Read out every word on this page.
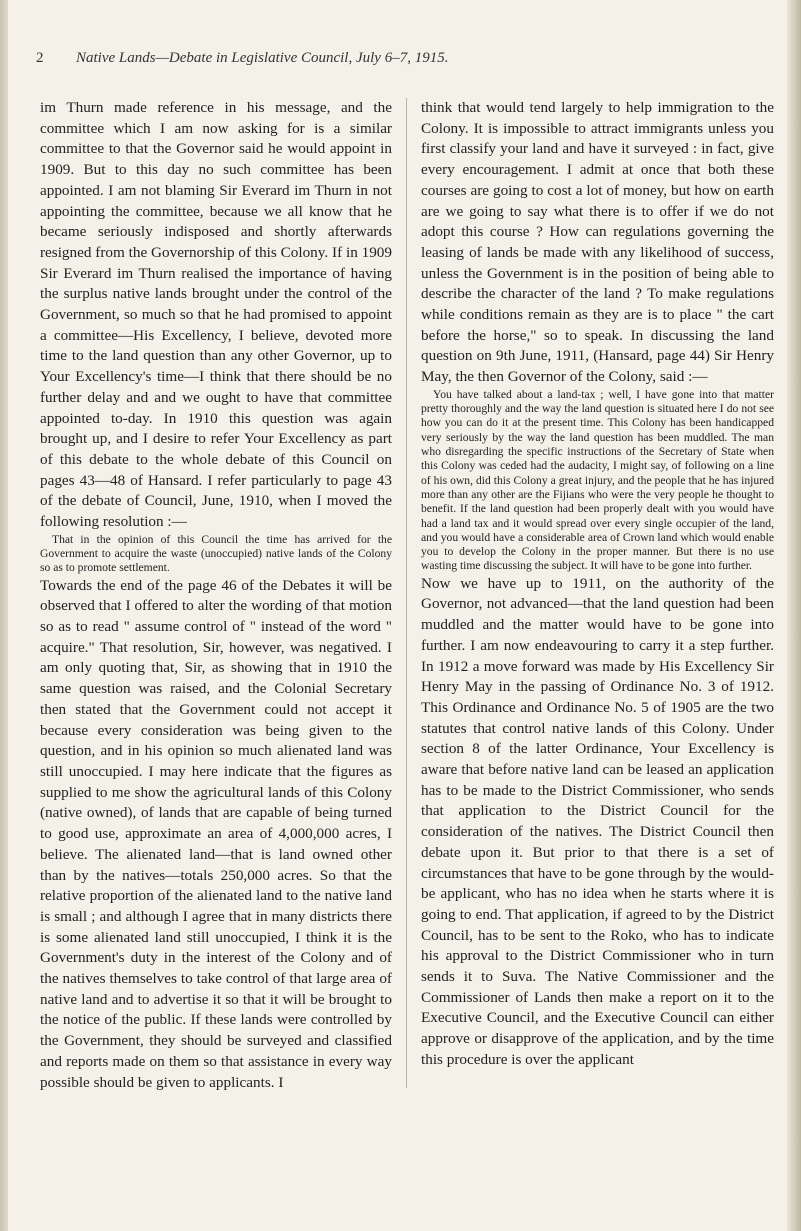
2 Native Lands—Debate in Legislative Council, July 6–7, 1915.

im Thurn made reference in his message, and the committee which I am now asking for is a similar committee to that the Governor said he would appoint in 1909. But to this day no such committee has been appointed. I am not blaming Sir Everard im Thurn in not appointing the committee, because we all know that he became seriously indisposed and shortly afterwards resigned from the Governorship of this Colony. If in 1909 Sir Everard im Thurn realised the importance of having the surplus native lands brought under the control of the Government, so much so that he had promised to appoint a committee—His Excellency, I believe, devoted more time to the land question than any other Governor, up to Your Excellency's time—I think that there should be no further delay and and we ought to have that committee appointed to-day. In 1910 this question was again brought up, and I desire to refer Your Excellency as part of this debate to the whole debate of this Council on pages 43—48 of Hansard. I refer particularly to page 43 of the debate of Council, June, 1910, when I moved the following resolution :—

That in the opinion of this Council the time has arrived for the Government to acquire the waste (unoccupied) native lands of the Colony so as to promote settlement.

Towards the end of the page 46 of the Debates it will be observed that I offered to alter the wording of that motion so as to read " assume control of " instead of the word " acquire." That resolution, Sir, however, was negatived. I am only quoting that, Sir, as showing that in 1910 the same question was raised, and the Colonial Secretary then stated that the Government could not accept it because every consideration was being given to the question, and in his opinion so much alienated land was still unoccupied. I may here indicate that the figures as supplied to me show the agricultural lands of this Colony (native owned), of lands that are capable of being turned to good use, approximate an area of 4,000,000 acres, I believe. The alienated land—that is land owned other than by the natives—totals 250,000 acres. So that the relative proportion of the alienated land to the native land is small ; and although I agree that in many districts there is some alienated land still unoccupied, I think it is the Government's duty in the interest of the Colony and of the natives themselves to take control of that large area of native land and to advertise it so that it will be brought to the notice of the public. If these lands were controlled by the Government, they should be surveyed and classified and reports made on them so that assistance in every way possible should be given to applicants. I

think that would tend largely to help immigration to the Colony. It is impossible to attract immigrants unless you first classify your land and have it surveyed : in fact, give every encouragement. I admit at once that both these courses are going to cost a lot of money, but how on earth are we going to say what there is to offer if we do not adopt this course ? How can regulations governing the leasing of lands be made with any likelihood of success, unless the Government is in the position of being able to describe the character of the land ? To make regulations while conditions remain as they are is to place " the cart before the horse," so to speak. In discussing the land question on 9th June, 1911, (Hansard, page 44) Sir Henry May, the then Governor of the Colony, said :—

You have talked about a land-tax ; well, I have gone into that matter pretty thoroughly and the way the land question is situated here I do not see how you can do it at the present time. This Colony has been handicapped very seriously by the way the land question has been muddled. The man who disregarding the specific instructions of the Secretary of State when this Colony was ceded had the audacity, I might say, of following on a line of his own, did this Colony a great injury, and the people that he has injured more than any other are the Fijians who were the very people he thought to benefit. If the land question had been properly dealt with you would have had a land tax and it would spread over every single occupier of the land, and you would have a considerable area of Crown land which would enable you to develop the Colony in the proper manner. But there is no use wasting time discussing the subject. It will have to be gone into further.

Now we have up to 1911, on the authority of the Governor, not advanced—that the land question had been muddled and the matter would have to be gone into further. I am now endeavouring to carry it a step further. In 1912 a move forward was made by His Excellency Sir Henry May in the passing of Ordinance No. 3 of 1912. This Ordinance and Ordinance No. 5 of 1905 are the two statutes that control native lands of this Colony. Under section 8 of the latter Ordinance, Your Excellency is aware that before native land can be leased an application has to be made to the District Commissioner, who sends that application to the District Council for the consideration of the natives. The District Council then debate upon it. But prior to that there is a set of circumstances that have to be gone through by the would-be applicant, who has no idea when he starts where it is going to end. That application, if agreed to by the District Council, has to be sent to the Roko, who has to indicate his approval to the District Commissioner who in turn sends it to Suva. The Native Commissioner and the Commissioner of Lands then make a report on it to the Executive Council, and the Executive Council can either approve or disapprove of the application, and by the time this procedure is over the applicant
